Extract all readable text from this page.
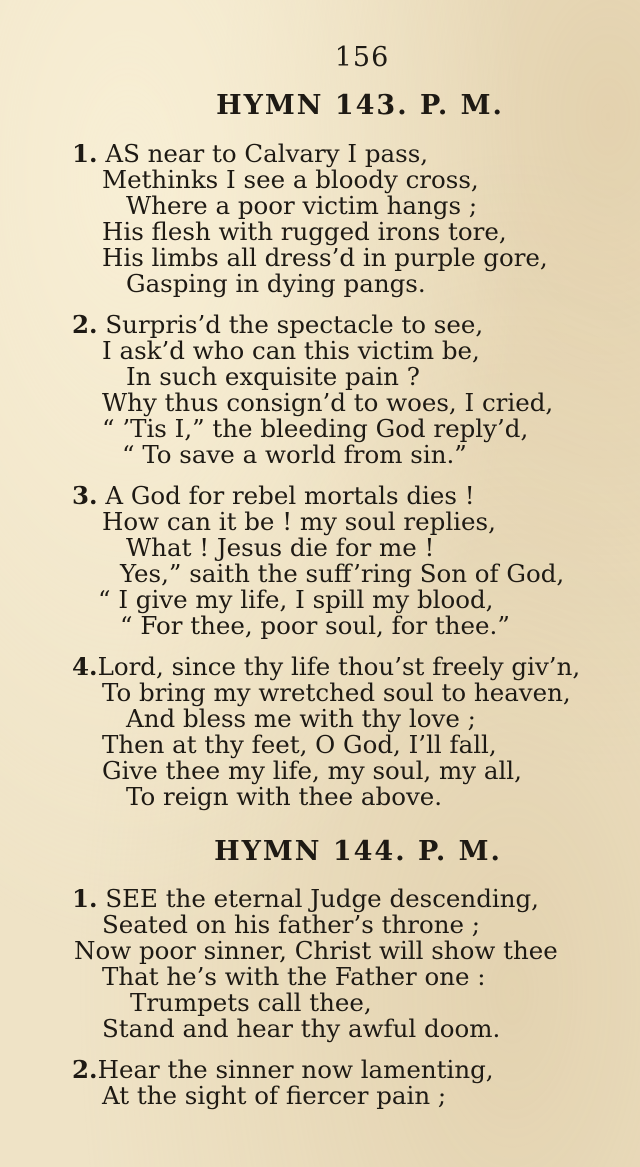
156
HYMN 143. P. M.
1. AS near to Calvary I pass,
Methinks I see a bloody cross,
Where a poor victim hangs ;
His flesh with rugged irons tore,
His limbs all dress’d in purple gore,
Gasping in dying pangs.
2. Surpris’d the spectacle to see,
I ask’d who can this victim be,
In such exquisite pain ?
Why thus consign’d to woes, I cried,
“ ’Tis I,” the bleeding God reply’d,
“ To save a world from sin.”
3. A God for rebel mortals dies !
How can it be ! my soul replies,
What ! Jesus die for me !
Yes,” saith the suff’ring Son of God,
“ I give my life, I spill my blood,
“ For thee, poor soul, for thee.”
4.Lord, since thy life thou’st freely giv’n,
To bring my wretched soul to heaven,
And bless me with thy love ;
Then at thy feet, O God, I’ll fall,
Give thee my life, my soul, my all,
To reign with thee above.
HYMN 144. P. M.
1. SEE the eternal Judge descending,
Seated on his father’s throne ;
Now poor sinner, Christ will show thee
That he’s with the Father one :
Trumpets call thee,
Stand and hear thy awful doom.
2.Hear the sinner now lamenting,
At the sight of fiercer pain ;
